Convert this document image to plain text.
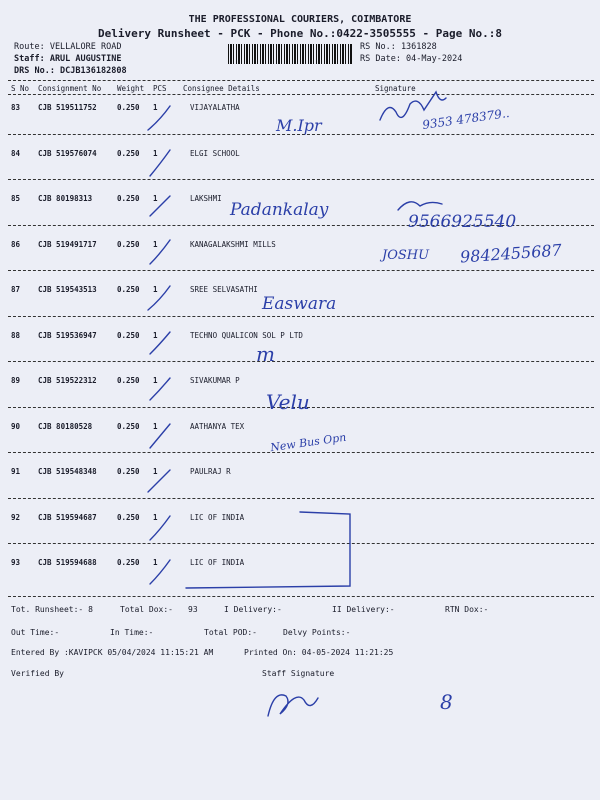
THE PROFESSIONAL COURIERS, COIMBATORE
Delivery Runsheet - PCK - Phone No.:0422-3505555 - Page No.:8
Route: VELLALORE ROAD
Staff: ARUL AUGUSTINE
DRS No.: DCJB136182808
RS No.: 1361828
RS Date: 04-May-2024
S No Consignment No Weight PCS Consignee Details	Signature
83 CJB 519511752	0.250 1	VIJAYALATHA
84 CJB 519576074	0.250 1	ELGI SCHOOL
85 CJB 80198313	0.250 1	LAKSHMI
86 CJB 519491717	0.250 1	KANAGALAKSHMI MILLS
87 CJB 519543513	0.250 1	SREE SELVASATHI
88 CJB 519536947	0.250 1	TECHNO QUALICON SOL P LTD
89 CJB 519522312	0.250 1	SIVAKUMAR P
90 CJB 80180528	0.250 1	AATHANYA TEX
91 CJB 519548348	0.250 1	PAULRAJ R
92 CJB 519594687	0.250 1	LIC OF INDIA
93 CJB 519594688	0.250 1	LIC OF INDIA
Tot. Runsheet:- 8	Total Dox:- 93	I Delivery:-	II Delivery:-	RTN Dox:-
Out Time:-	In Time:-	Total POD:-	Delvy Points:-
Entered By :KAVIPCK 05/04/2024 11:15:21 AM	Printed On: 04-05-2024 11:21:25
Verified By	Staff Signature
M.Ipr	9353 478379..
Padankalay
9566925540
JOSHU 9842455687
Easwara
m
Velu
New Bus Opn
8
